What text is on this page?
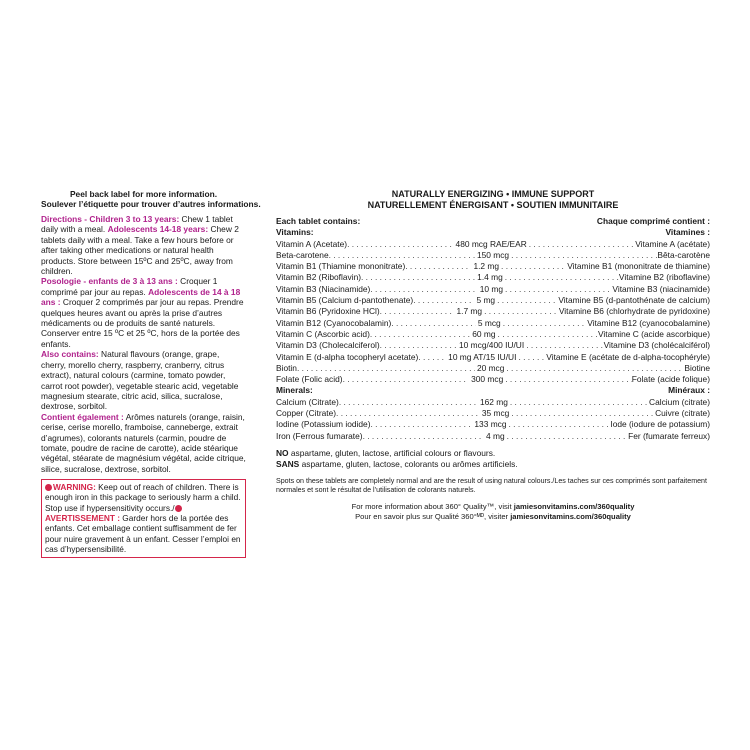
Peel back label for more information.
Soulever l’étiquette pour trouver d’autres informations.

Directions - Children 3 to 13 years: Chew 1 tablet daily with a meal. Adolescents 14-18 years: Chew 2 tablets daily with a meal. Take a few hours before or after taking other medications or natural health products. Store between 15ºC and 25ºC, away from children.

Posologie - enfants de 3 à 13 ans : Croquer 1 comprimé par jour au repas. Adolescents de 14 à 18 ans : Croquer 2 comprimés par jour au repas. Prendre quelques heures avant ou après la prise d’autres médicaments ou de produits de santé naturels. Conserver entre 15 ºC et 25 ºC, hors de la portée des enfants.

Also contains: Natural flavours (orange, grape, cherry, morello cherry, raspberry, cranberry, citrus extract), natural colours (carmine, tomato powder, carrot root powder), vegetable stearic acid, vegetable magnesium stearate, citric acid, silica, sucralose, dextrose, sorbitol.

Contient également : Arômes naturels (orange, raisin, cerise, cerise morello, framboise, canneberge, extrait d’agrumes), colorants naturels (carmin, poudre de tomate, poudre de racine de carotte), acide stéarique végétal, stéarate de magnésium végétal, acide citrique, silice, sucralose, dextrose, sorbitol.

WARNING: Keep out of reach of children. There is enough iron in this package to seriously harm a child. Stop use if hypersensitivity occurs./AVERTISSEMENT : Garder hors de la portée des enfants. Cet emballage contient suffisamment de fer pour nuire gravement à un enfant. Cesser l’emploi en cas d’hypersensibilité.
NATURALLY ENERGIZING • IMMUNE SUPPORT
NATURELLEMENT ÉNERGISANT • SOUTIEN IMMUNITAIRE
Each tablet contains:	Chaque comprimé contient :
Vitamins:	Vitamines :
Vitamin A (Acetate) . . .	480 mcg RAE/EAR . . .	Vitamine A (acétate)
Beta-carotene . . .	150 mcg . . .	Bêta-carotène
Vitamin B1 (Thiamine mononitrate) . . .	1.2 mg . . .	Vitamine B1 (mononitrate de thiamine)
Vitamin B2 (Riboflavin) . . .	1.4 mg . . .	Vitamine B2 (riboflavine)
Vitamin B3 (Niacinamide) . . .	10 mg . . .	Vitamine B3 (niacinamide)
Vitamin B5 (Calcium d-pantothenate) . . .	5 mg . . .	Vitamine B5 (d-pantothénate de calcium)
Vitamin B6 (Pyridoxine HCl) . . .	1.7 mg . . .	Vitamine B6 (chlorhydrate de pyridoxine)
Vitamin B12 (Cyanocobalamin) . . .	5 mcg . . .	Vitamine B12 (cyanocobalamine)
Vitamin C (Ascorbic acid) . . .	60 mg . . .	Vitamine C (acide ascorbique)
Vitamin D3 (Cholecalciferol) . . .	10 mcg/400 IU/UI . . .	Vitamine D3 (cholécalciférol)
Vitamin E (d-alpha tocopheryl acetate) . . .	10 mg AT/15 IU/UI . . .	Vitamine E (acétate de d-alpha-tocophéryle)
Biotin . . .	20 mcg . . .	Biotine
Folate (Folic acid) . . .	300 mcg . . .	Folate (acide folique)
Minerals:	Minéraux :
Calcium (Citrate) . . .	162 mg . . .	Calcium (citrate)
Copper (Citrate) . . .	35 mcg . . .	Cuivre (citrate)
Iodine (Potassium iodide) . . .	133 mcg . . .	Iode (iodure de potassium)
Iron (Ferrous fumarate) . . .	4 mg . . .	Fer (fumarate ferreux)
NO aspartame, gluten, lactose, artificial colours or flavours.
SANS aspartame, gluten, lactose, colorants ou arômes artificiels.
Spots on these tablets are completely normal and are the result of using natural colours./Les taches sur ces comprimés sont parfaitement normales et sont le résultat de l’utilisation de colorants naturels.
For more information about 360° Quality™, visit jamiesonvitamins.com/360quality
Pour en savoir plus sur Qualité 360°ᴹᴰ, visiter jamiesonvitamins.com/360quality
